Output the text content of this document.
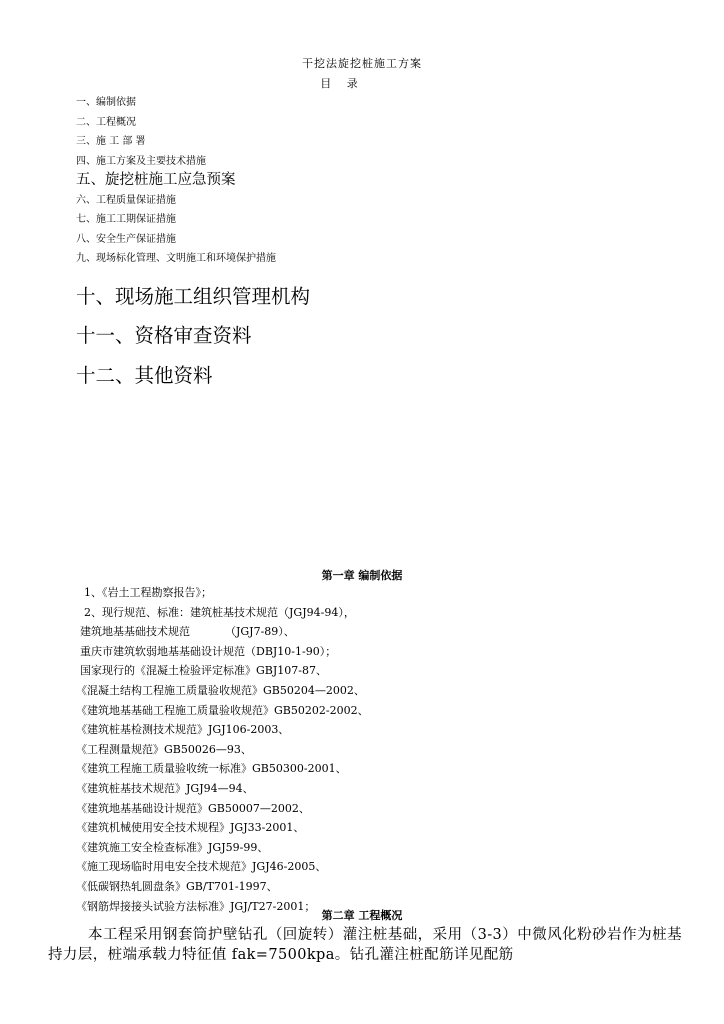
干挖法旋挖桩施工方案
目 录
一、编制依据
二、工程概况
三、施 工 部 署
四、施工方案及主要技术措施
五、旋挖桩施工应急预案
六、工程质量保证措施
七、施工工期保证措施
八、安全生产保证措施
九、现场标化管理、文明施工和环境保护措施
十、现场施工组织管理机构
十一、资格审查资料
十二、其他资料
第一章 编制依据
1、《岩土工程勘察报告》；
2、现行规范、标准：建筑桩基技术规范（JGJ94-94），
建筑地基基础技术规范          （JGJ7-89）、
重庆市建筑软弱地基基础设计规范（DBJ10-1-90）；
国家现行的《混凝土检验评定标准》GBJ107-87、
《混凝土结构工程施工质量验收规范》GB50204—2002、
《建筑地基基础工程施工质量验收规范》GB50202-2002、
《建筑桩基检测技术规范》JGJ106-2003、
《工程测量规范》GB50026—93、
《建筑工程施工质量验收统一标准》GB50300-2001、
《建筑桩基技术规范》JGJ94—94、
《建筑地基基础设计规范》GB50007—2002、
《建筑机械使用安全技术规程》JGJ33-2001、
《建筑施工安全检查标准》JGJ59-99、
《施工现场临时用电安全技术规范》JGJ46-2005、
《低碳钢热轧圆盘条》GB/T701-1997、
《钢筋焊接接头试验方法标准》JGJ/T27-2001；
第二章 工程概况
本工程采用钢套筒护壁钻孔（回旋转）灌注桩基础，采用（3-3）中微风化粉砂岩作为桩基持力层，桩端承载力特征值 fak=7500kpa。钻孔灌注桩配筋详见配筋
